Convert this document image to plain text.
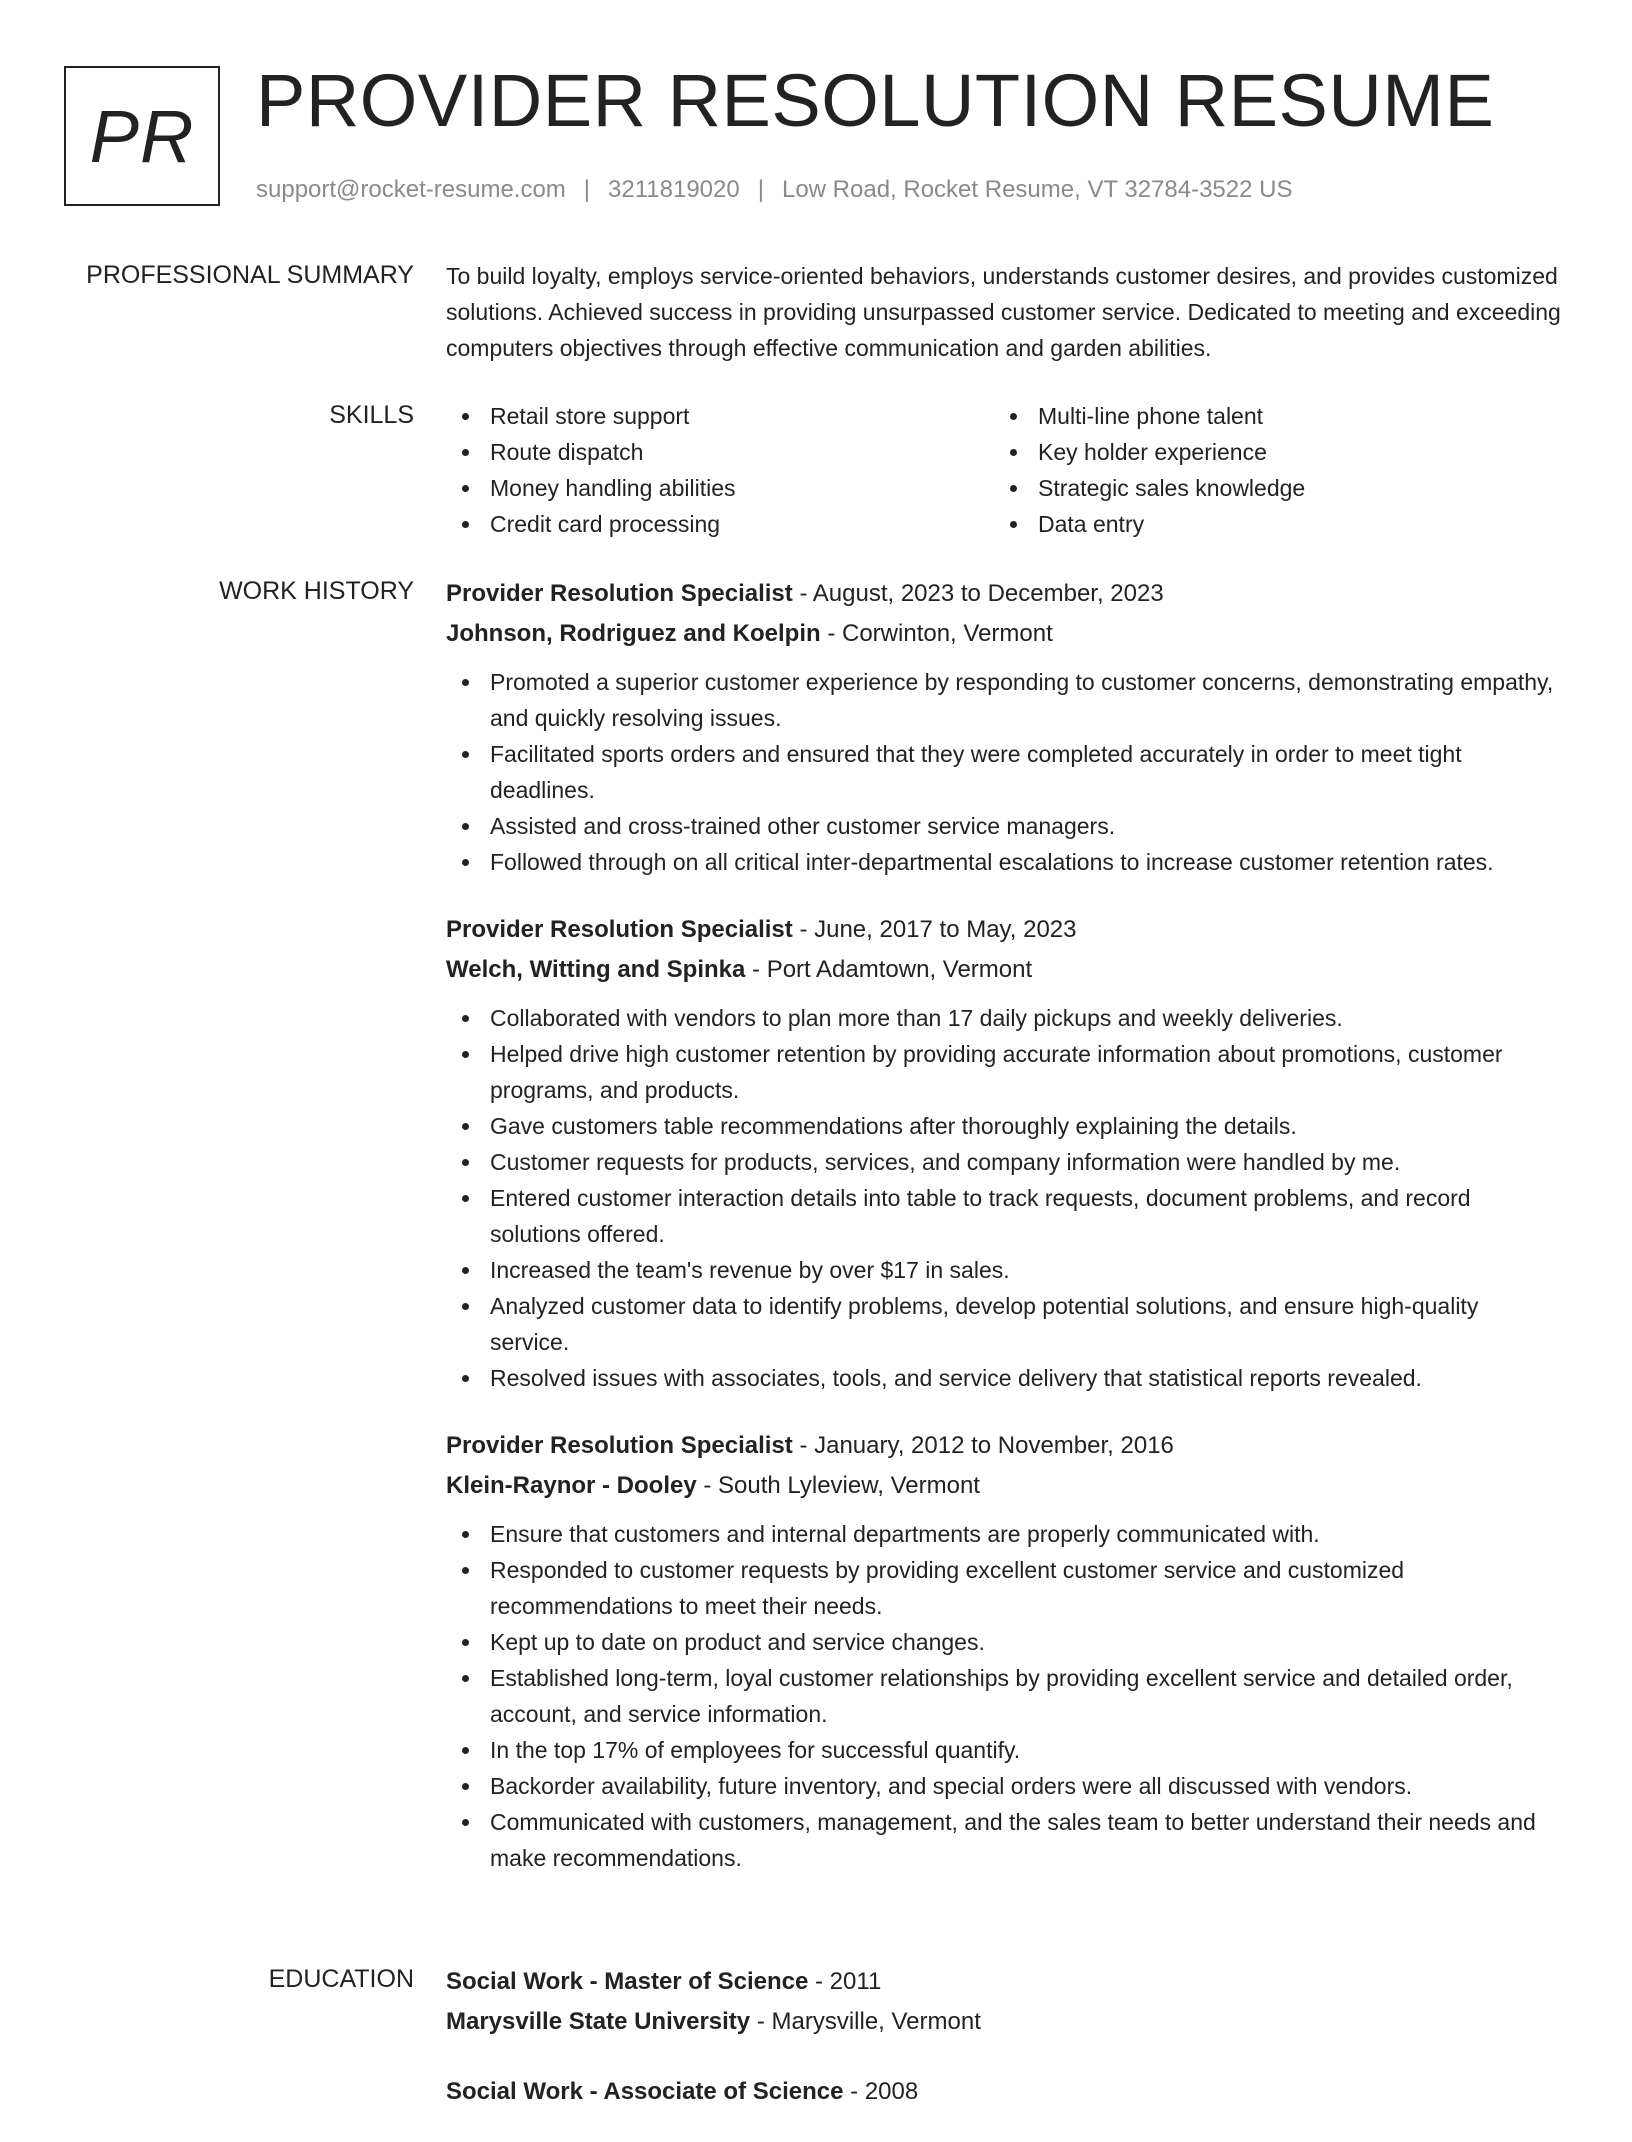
PR PROVIDER RESOLUTION RESUME
support@rocket-resume.com | 3211819020 | Low Road, Rocket Resume, VT 32784-3522 US
PROFESSIONAL SUMMARY To build loyalty, employs service-oriented behaviors, understands customer desires, and provides customized solutions. Achieved success in providing unsurpassed customer service. Dedicated to meeting and exceeding computers objectives through effective communication and garden abilities.

SKILLS	Retail store support
Route dispatch
Money handling abilities
Credit card processing
Multi-line phone talent
Key holder experience
Strategic sales knowledge
Data entry
WORK HISTORY Provider Resolution Specialist - August, 2023 to December, 2023
Johnson, Rodriguez and Koelpin - Corwinton, Vermont
Promoted a superior customer experience by responding to customer concerns, demonstrating empathy, and quickly resolving issues.
Facilitated sports orders and ensured that they were completed accurately in order to meet tight deadlines.
Assisted and cross-trained other customer service managers.
Followed through on all critical inter-departmental escalations to increase customer retention rates.
Provider Resolution Specialist - June, 2017 to May, 2023
Welch, Witting and Spinka - Port Adamtown, Vermont
Collaborated with vendors to plan more than 17 daily pickups and weekly deliveries.
Helped drive high customer retention by providing accurate information about promotions, customer programs, and products.
Gave customers table recommendations after thoroughly explaining the details.
Customer requests for products, services, and company information were handled by me.
Entered customer interaction details into table to track requests, document problems, and record solutions offered.
Increased the team's revenue by over $17 in sales.
Analyzed customer data to identify problems, develop potential solutions, and ensure high-quality service.
Resolved issues with associates, tools, and service delivery that statistical reports revealed.
Provider Resolution Specialist - January, 2012 to November, 2016
Klein-Raynor - Dooley - South Lyleview, Vermont
Ensure that customers and internal departments are properly communicated with.
Responded to customer requests by providing excellent customer service and customized recommendations to meet their needs.
Kept up to date on product and service changes.
Established long-term, loyal customer relationships by providing excellent service and detailed order, account, and service information.
In the top 17% of employees for successful quantify.
Backorder availability, future inventory, and special orders were all discussed with vendors.
Communicated with customers, management, and the sales team to better understand their needs and make recommendations.
EDUCATION Social Work - Master of Science - 2011
Marysville State University - Marysville, Vermont
Social Work - Associate of Science - 2008
